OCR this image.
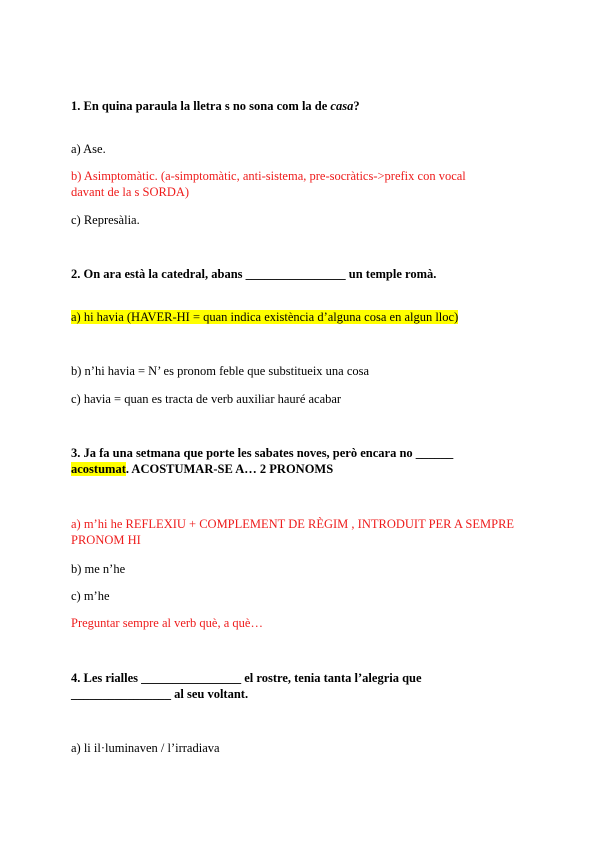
1. En quina paraula la lletra s no sona com la de casa?
a) Ase.
b) Asimptomàtic. (a-simptomàtic, anti-sistema, pre-socràtics->prefix con vocal
davant de la s SORDA)
c) Represàlia.
2. On ara està la catedral, abans ________________ un temple romà.
a) hi havia (HAVER-HI = quan indica existència d’alguna cosa en algun lloc)
b) n’hi havia = N’ es pronom feble que substitueix una cosa
c) havia = quan es tracta de verb auxiliar hauré acabar
3. Ja fa una setmana que porte les sabates noves, però encara no ______
acostumat. ACOSTUMAR-SE A… 2 PRONOMS
a) m’hi he REFLEXIU + COMPLEMENT DE RÈGIM , INTRODUIT PER A SEMPRE
PRONOM HI
b) me n’he
c) m’he
Preguntar sempre al verb què, a què…
4. Les rialles ________________ el rostre, tenia tanta l’alegria que
________________ al seu voltant.
a) li il·luminaven / l’irradiava
